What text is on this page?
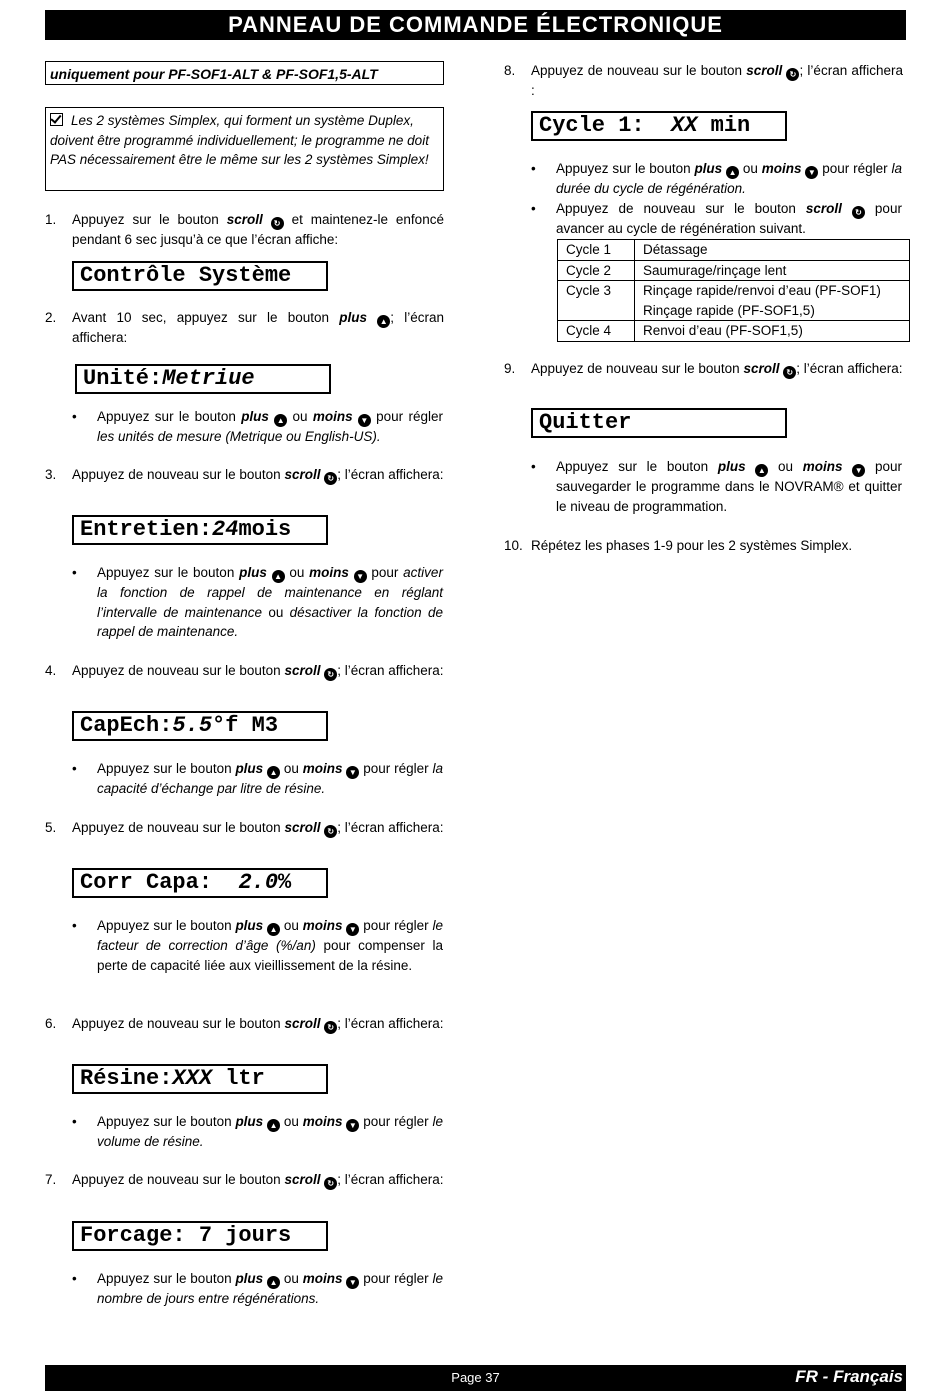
PANNEAU DE COMMANDE ÉLECTRONIQUE
uniquement pour PF-SOF1-ALT & PF-SOF1,5-ALT
Les 2 systèmes Simplex, qui forment un système Duplex, doivent être programmé individuellement; le programme ne doit PAS nécessairement être le même sur les 2 systèmes Simplex!
1. Appuyez sur le bouton scroll ↻ et maintenez-le enfoncé pendant 6 sec jusqu’à ce que l’écran affiche:
Contrôle Système
2. Avant 10 sec, appuyez sur le bouton plus ▲ ; l’écran affichera:
Unité:Metriue
• Appuyez sur le bouton plus ▲ ou moins ▼ pour régler les unités de mesure (Metrique ou English-US).
3. Appuyez de nouveau sur le bouton scroll ↻ ; l’écran affichera:
Entretien:24mois
• Appuyez sur le bouton plus ▲ ou moins ▼ pour activer la fonction de rappel de maintenance en réglant l’intervalle de maintenance ou désactiver la fonction de rappel de maintenance.
4. Appuyez de nouveau sur le bouton scroll ↻ ; l’écran affichera:
CapEch:5.5°f M3
• Appuyez sur le bouton plus ▲ ou moins ▼ pour régler la capacité d’échange par litre de résine.
5. Appuyez de nouveau sur le bouton scroll ↻ ; l’écran affichera:
Corr Capa:  2.0%
• Appuyez sur le bouton plus ▲ ou moins ▼ pour régler le facteur de correction d’âge (%/an) pour compenser la perte de capacité liée aux vieillissement de la résine.
6. Appuyez de nouveau sur le bouton scroll ↻ ; l’écran affichera:
Résine:XXX ltr
• Appuyez sur le bouton plus ▲ ou moins ▼ pour régler le volume de résine.
7. Appuyez de nouveau sur le bouton scroll ↻ ; l’écran affichera:
Forcage: 7 jours
• Appuyez sur le bouton plus ▲ ou moins ▼ pour régler le nombre de jours entre régénérations.
8. Appuyez de nouveau sur le bouton scroll ↻ ; l’écran affichera :
Cycle 1:  XX min
• Appuyez sur le bouton plus ▲ ou moins ▼ pour régler la durée du cycle de régénération.
• Appuyez de nouveau sur le bouton scroll ↻ pour avancer au cycle de régénération suivant.
Cycle 1	Détassage
Cycle 2	Saumurage/rinçage lent
Cycle 3	Rinçage rapide/renvoi d’eau (PF-SOF1)
Rinçage rapide (PF-SOF1,5)

Cycle 4	Renvoi d’eau (PF-SOF1,5)
9. Appuyez de nouveau sur le bouton scroll ↻ ; l’écran affichera:
Quitter
• Appuyez sur le bouton plus ▲ ou moins ▼ pour sauvegarder le programme dans le NOVRAM® et quitter le niveau de programmation.
10. Répétez les phases 1-9 pour les 2 systèmes Simplex.
Page 37	FR - Français
